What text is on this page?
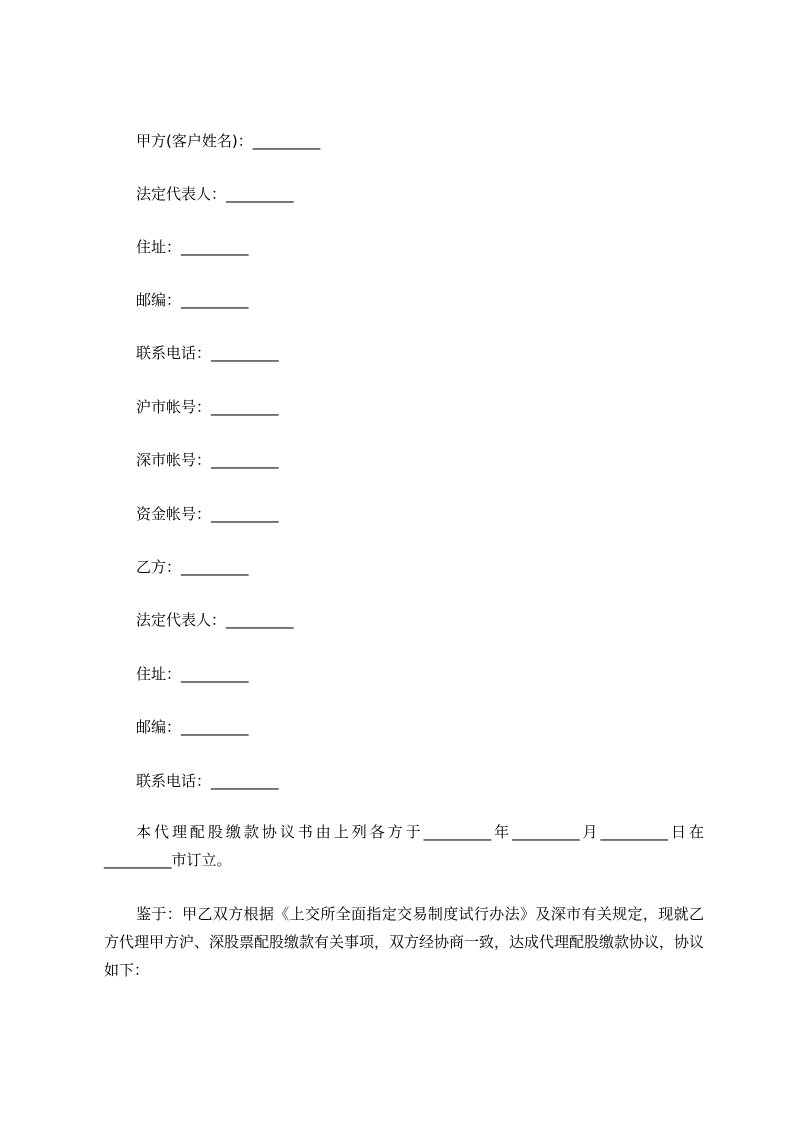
甲方(客户姓名)：_________
法定代表人：_________
住址：_________
邮编：_________
联系电话：_________
沪市帐号：_________
深市帐号：_________
资金帐号：_________
乙方：_________
法定代表人：_________
住址：_________
邮编：_________
联系电话：_________
本代理配股缴款协议书由上列各方于_________年_________月_________日在_________市订立。
鉴于：甲乙双方根据《上交所全面指定交易制度试行办法》及深市有关规定，现就乙方代理甲方沪、深股票配股缴款有关事项，双方经协商一致，达成代理配股缴款协议，协议如下：
